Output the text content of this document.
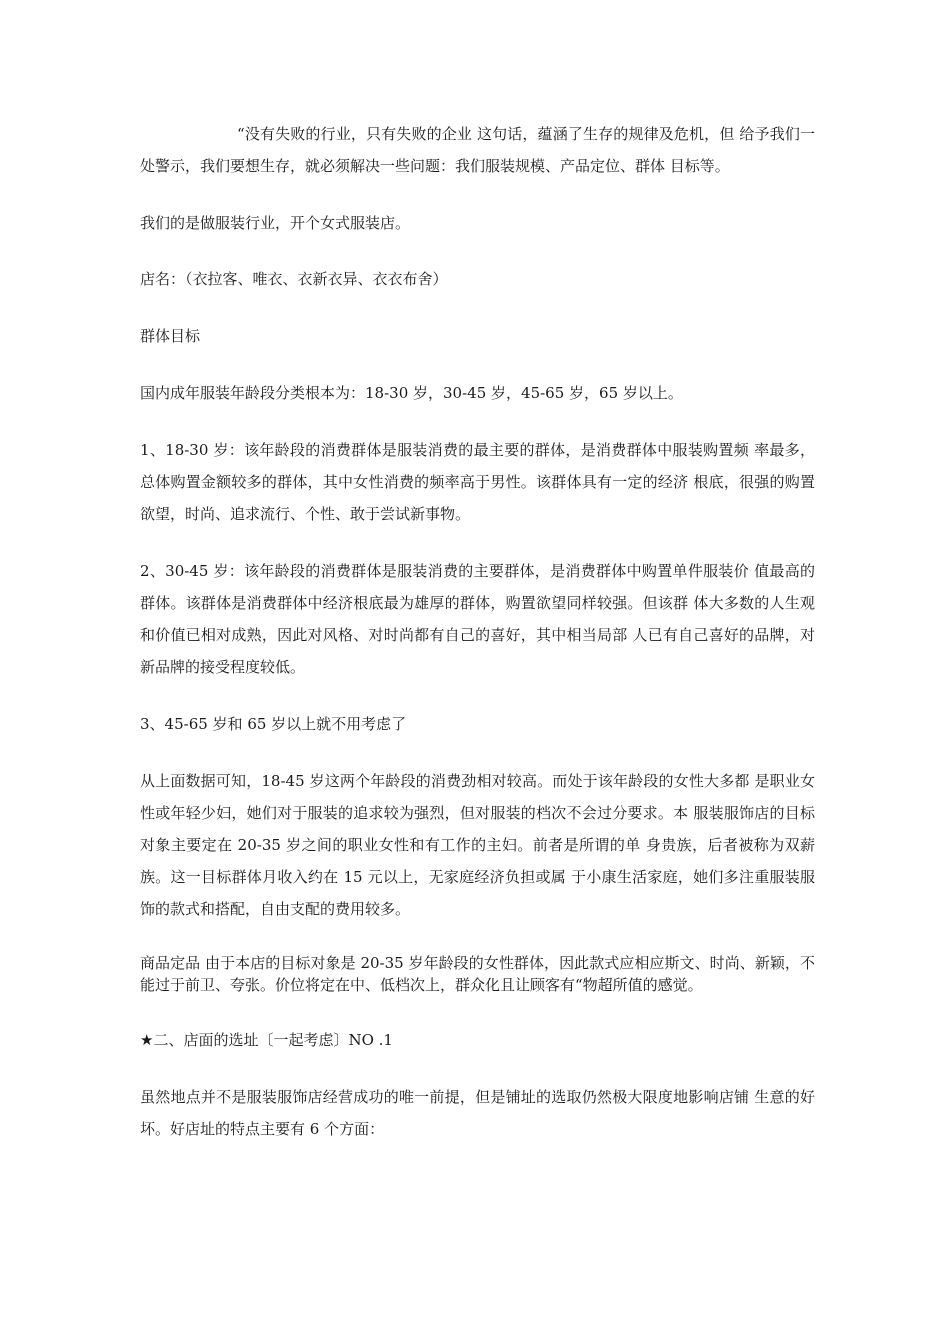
“没有失败的行业，只有失败的企业 这句话，蕴涵了生存的规律及危机，但 给予我们一处警示，我们要想生存，就必须解决一些问题：我们服装规模、产品定位、群体 目标等。

我们的是做服装行业，开个女式服装店。

店名：（衣拉客、唯衣、衣新衣异、衣衣布舍）

群体目标

国内成年服装年龄段分类根本为：18-30 岁，30-45 岁，45-65 岁，65 岁以上。

1、18-30 岁：该年龄段的消费群体是服装消费的最主要的群体，是消费群体中服装购置频 率最多，总体购置金额较多的群体，其中女性消费的频率高于男性。该群体具有一定的经济 根底，很强的购置欲望，时尚、追求流行、个性、敢于尝试新事物。

2、30-45 岁：该年龄段的消费群体是服装消费的主要群体，是消费群体中购置单件服装价 值最高的群体。该群体是消费群体中经济根底最为雄厚的群体，购置欲望同样较强。但该群 体大多数的人生观和价值已相对成熟，因此对风格、对时尚都有自己的喜好，其中相当局部 人已有自己喜好的品牌，对新品牌的接受程度较低。

3、45-65 岁和 65 岁以上就不用考虑了

从上面数据可知，18-45 岁这两个年龄段的消费劲相对较高。而处于该年龄段的女性大多都 是职业女性或年轻少妇，她们对于服装的追求较为强烈，但对服装的档次不会过分要求。本 服装服饰店的目标对象主要定在 20-35 岁之间的职业女性和有工作的主妇。前者是所谓的单 身贵族，后者被称为双薪族。这一目标群体月收入约在 15 元以上，无家庭经济负担或属 于小康生活家庭，她们多注重服装服饰的款式和搭配，自由支配的费用较多。

商品定品 由于本店的目标对象是 20-35 岁年龄段的女性群体，因此款式应相应斯文、时尚、新颖，不能过于前卫、夸张。价位将定在中、低档次上，群众化且让顾客有“物超所值的感觉。

★二、店面的选址〔一起考虑〕NO .1

虽然地点并不是服装服饰店经营成功的唯一前提，但是铺址的选取仍然极大限度地影响店铺 生意的好坏。好店址的特点主要有 6 个方面：
